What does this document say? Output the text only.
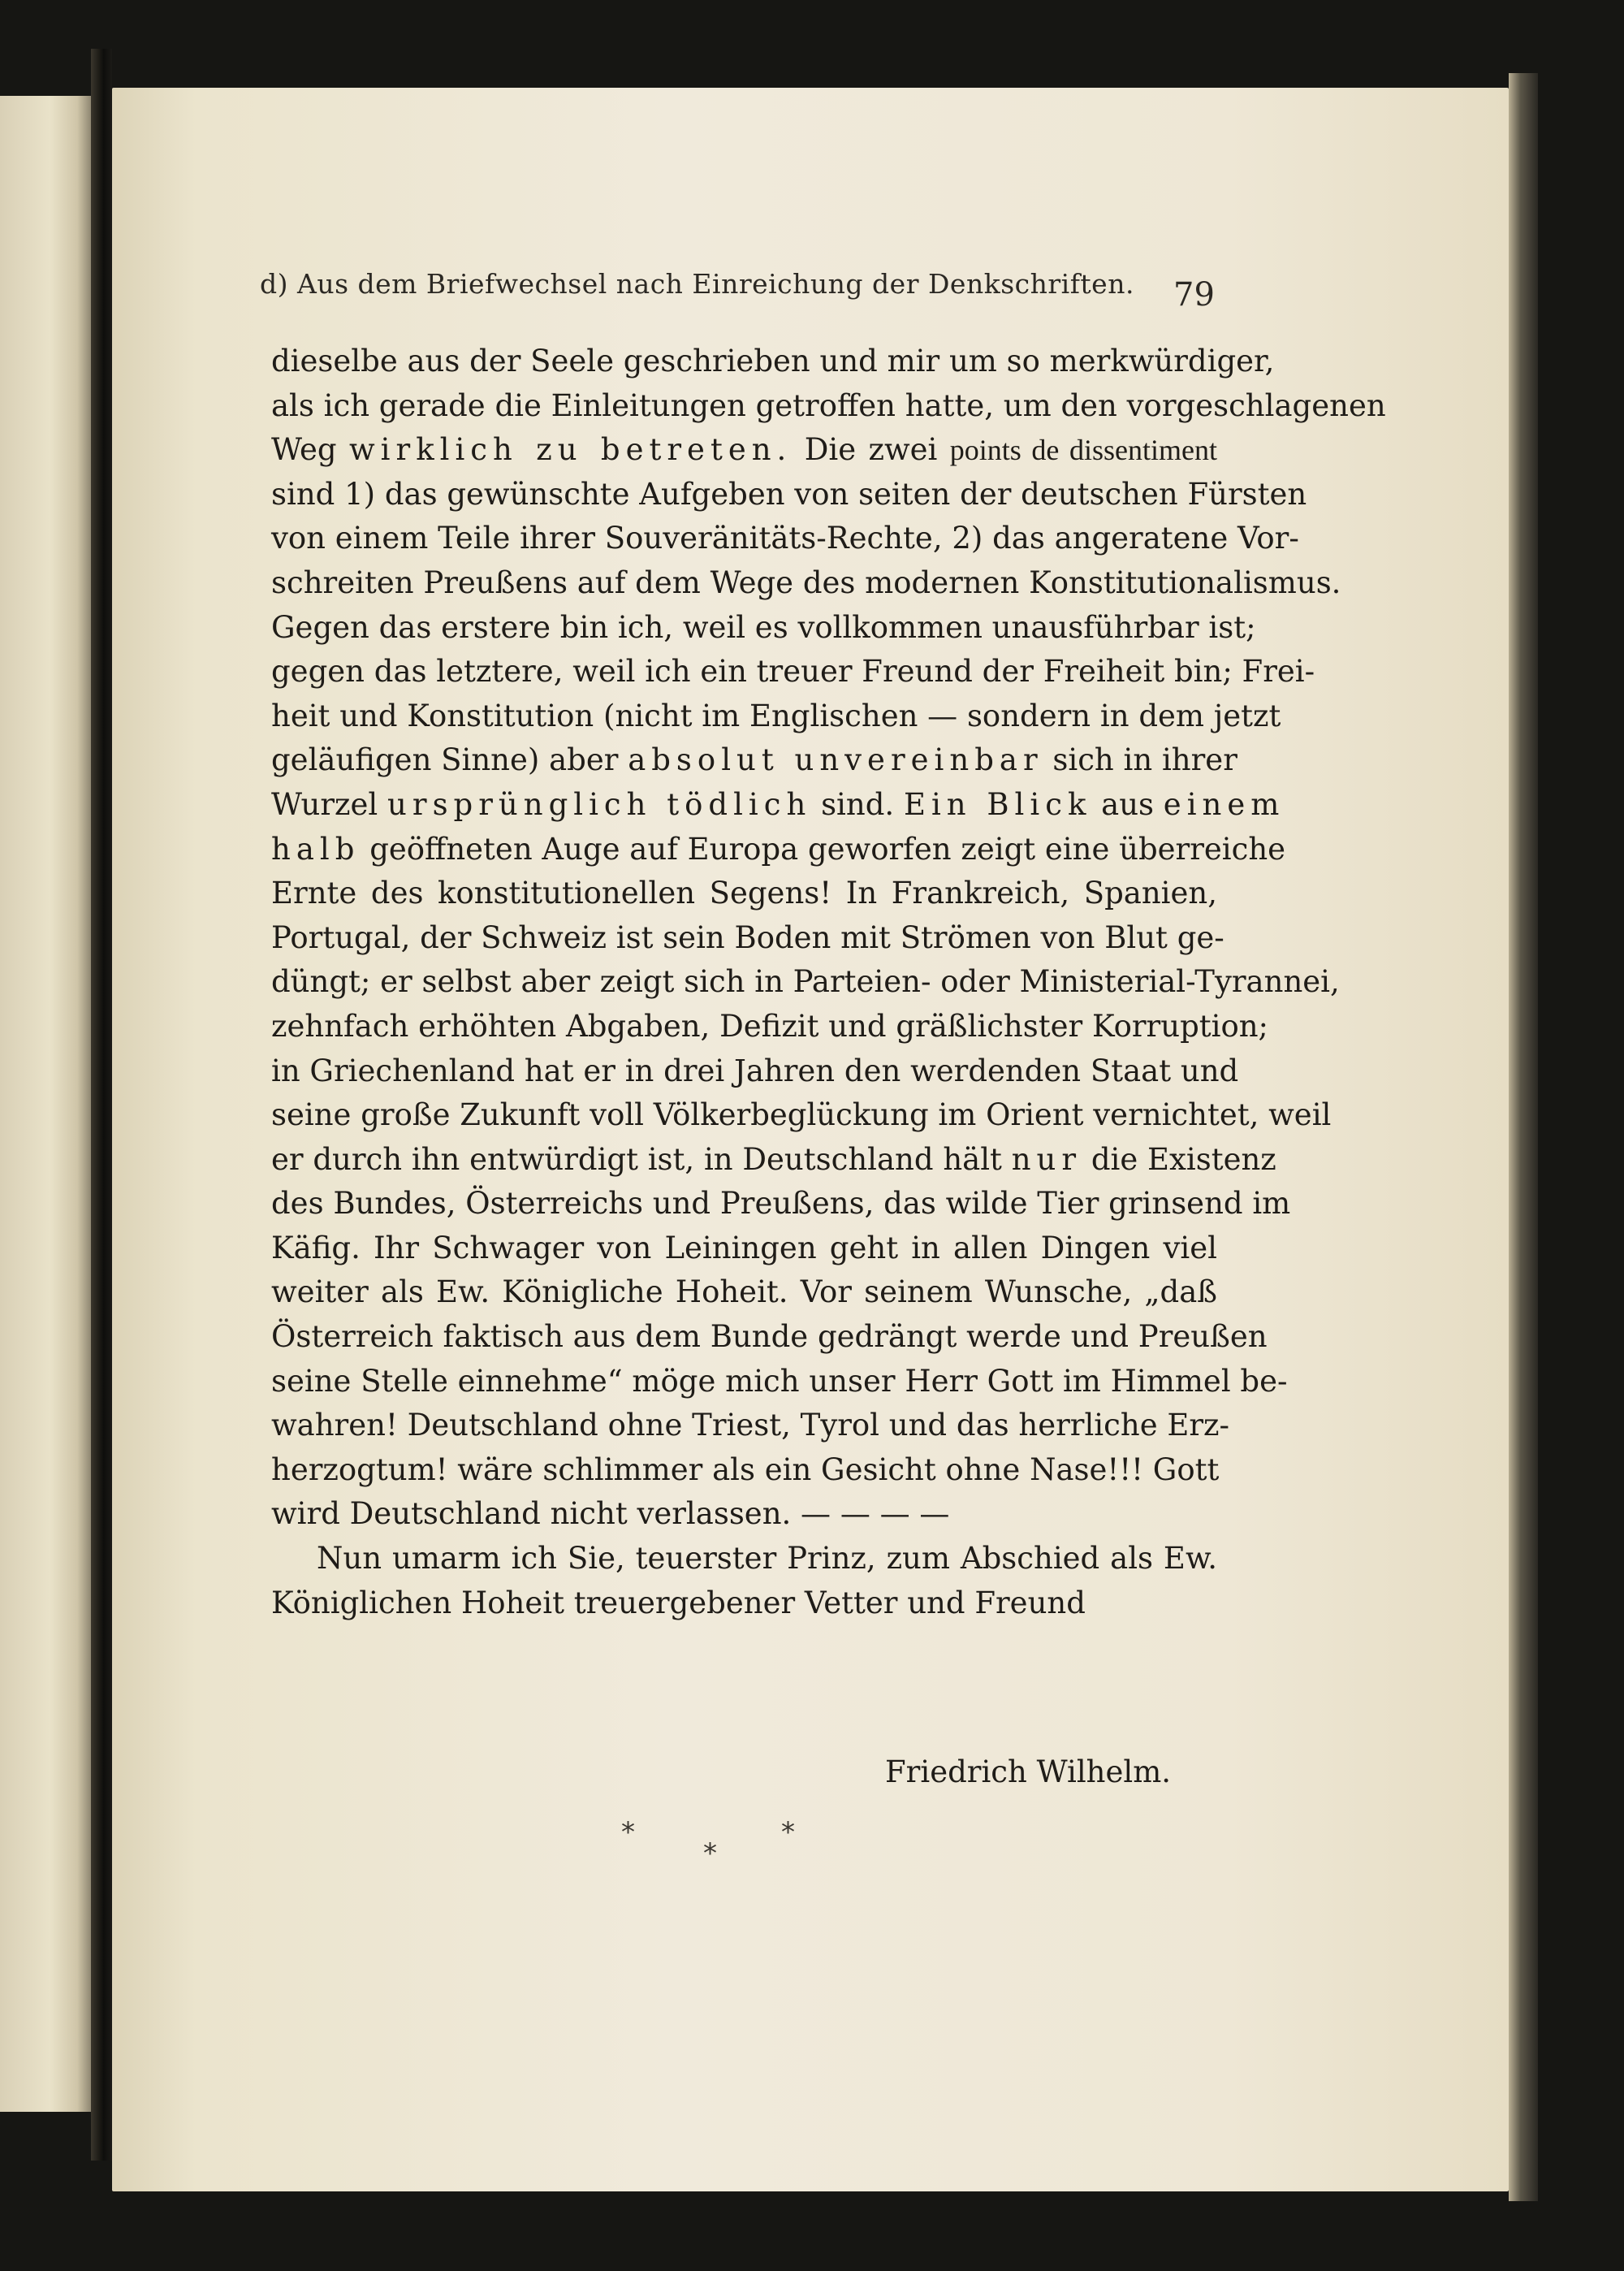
d) Aus dem Briefwechsel nach Einreichung der Denkschriften.	79
dieselbe aus der Seele geschrieben und mir um so merkwürdiger,
als ich gerade die Einleitungen getroffen hatte, um den vorgeschlagenen
Weg wirklich zu betreten. Die zwei points de dissentiment
sind 1) das gewünschte Aufgeben von seiten der deutschen Fürsten
von einem Teile ihrer Souveränitäts-Rechte, 2) das angeratene Vor-
schreiten Preußens auf dem Wege des modernen Konstitutionalismus.
Gegen das erstere bin ich, weil es vollkommen unausführbar ist;
gegen das letztere, weil ich ein treuer Freund der Freiheit bin; Frei-
heit und Konstitution (nicht im Englischen — sondern in dem jetzt
geläufigen Sinne) aber absolut unvereinbar sich in ihrer
Wurzel ursprünglich tödlich sind. Ein Blick aus einem
halb geöffneten Auge auf Europa geworfen zeigt eine überreiche
Ernte des konstitutionellen Segens! In Frankreich, Spanien,
Portugal, der Schweiz ist sein Boden mit Strömen von Blut ge-
düngt; er selbst aber zeigt sich in Parteien- oder Ministerial-Tyrannei,
zehnfach erhöhten Abgaben, Defizit und gräßlichster Korruption;
in Griechenland hat er in drei Jahren den werdenden Staat und
seine große Zukunft voll Völkerbeglückung im Orient vernichtet, weil
er durch ihn entwürdigt ist, in Deutschland hält nur die Existenz
des Bundes, Österreichs und Preußens, das wilde Tier grinsend im
Käfig. Ihr Schwager von Leiningen geht in allen Dingen viel
weiter als Ew. Königliche Hoheit. Vor seinem Wunsche, „daß
Österreich faktisch aus dem Bunde gedrängt werde und Preußen
seine Stelle einnehme“ möge mich unser Herr Gott im Himmel be-
wahren! Deutschland ohne Triest, Tyrol und das herrliche Erz-
herzogtum! wäre schlimmer als ein Gesicht ohne Nase!!! Gott
wird Deutschland nicht verlassen. — — — —
Nun umarm ich Sie, teuerster Prinz, zum Abschied als Ew.
Königlichen Hoheit treuergebener Vetter und Freund
Friedrich Wilhelm.
*
*
*
